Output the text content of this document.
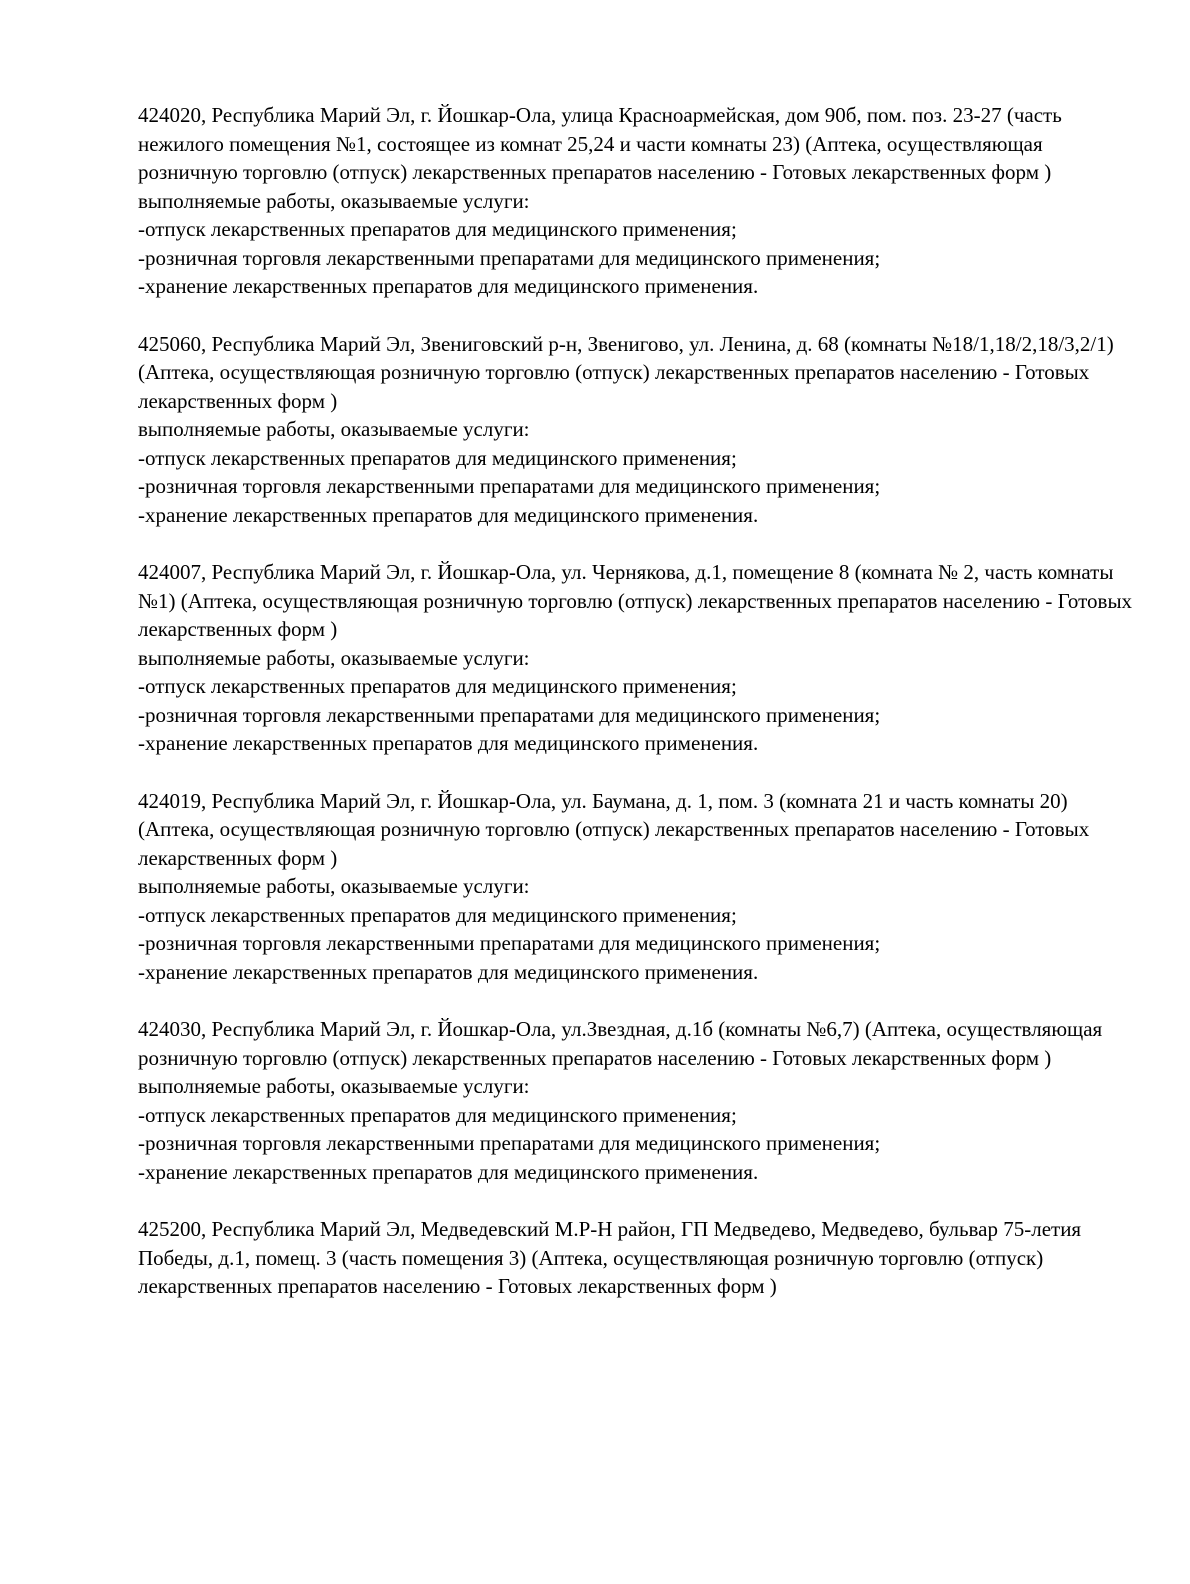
424020, Республика Марий Эл, г. Йошкар-Ола, улица Красноармейская, дом 90б, пом. поз. 23-27 (часть нежилого помещения №1, состоящее из комнат 25,24 и части комнаты 23) (Аптека, осуществляющая розничную торговлю (отпуск) лекарственных препаратов населению - Готовых лекарственных форм )
выполняемые работы, оказываемые услуги:
-отпуск лекарственных препаратов для медицинского применения;
-розничная торговля лекарственными препаратами для медицинского применения;
-хранение лекарственных препаратов для медицинского применения.
425060, Республика Марий Эл, Звениговский р-н, Звенигово, ул. Ленина, д. 68 (комнаты №18/1,18/2,18/3,2/1) (Аптека, осуществляющая розничную торговлю (отпуск) лекарственных препаратов населению - Готовых лекарственных форм )
выполняемые работы, оказываемые услуги:
-отпуск лекарственных препаратов для медицинского применения;
-розничная торговля лекарственными препаратами для медицинского применения;
-хранение лекарственных препаратов для медицинского применения.
424007, Республика Марий Эл, г. Йошкар-Ола, ул. Чернякова, д.1, помещение 8 (комната № 2, часть комнаты №1) (Аптека, осуществляющая розничную торговлю (отпуск) лекарственных препаратов населению - Готовых лекарственных форм )
выполняемые работы, оказываемые услуги:
-отпуск лекарственных препаратов для медицинского применения;
-розничная торговля лекарственными препаратами для медицинского применения;
-хранение лекарственных препаратов для медицинского применения.
424019, Республика Марий Эл, г. Йошкар-Ола, ул. Баумана, д. 1, пом. 3 (комната 21 и часть комнаты 20) (Аптека, осуществляющая розничную торговлю (отпуск) лекарственных препаратов населению - Готовых лекарственных форм )
выполняемые работы, оказываемые услуги:
-отпуск лекарственных препаратов для медицинского применения;
-розничная торговля лекарственными препаратами для медицинского применения;
-хранение лекарственных препаратов для медицинского применения.
424030, Республика Марий Эл, г. Йошкар-Ола, ул.Звездная, д.1б (комнаты №6,7) (Аптека, осуществляющая розничную торговлю (отпуск) лекарственных препаратов населению - Готовых лекарственных форм )
выполняемые работы, оказываемые услуги:
-отпуск лекарственных препаратов для медицинского применения;
-розничная торговля лекарственными препаратами для медицинского применения;
-хранение лекарственных препаратов для медицинского применения.
425200, Республика Марий Эл, Медведевский М.Р-Н район, ГП Медведево, Медведево, бульвар 75-летия Победы, д.1, помещ. 3 (часть помещения 3) (Аптека, осуществляющая розничную торговлю (отпуск) лекарственных препаратов населению - Готовых лекарственных форм )
